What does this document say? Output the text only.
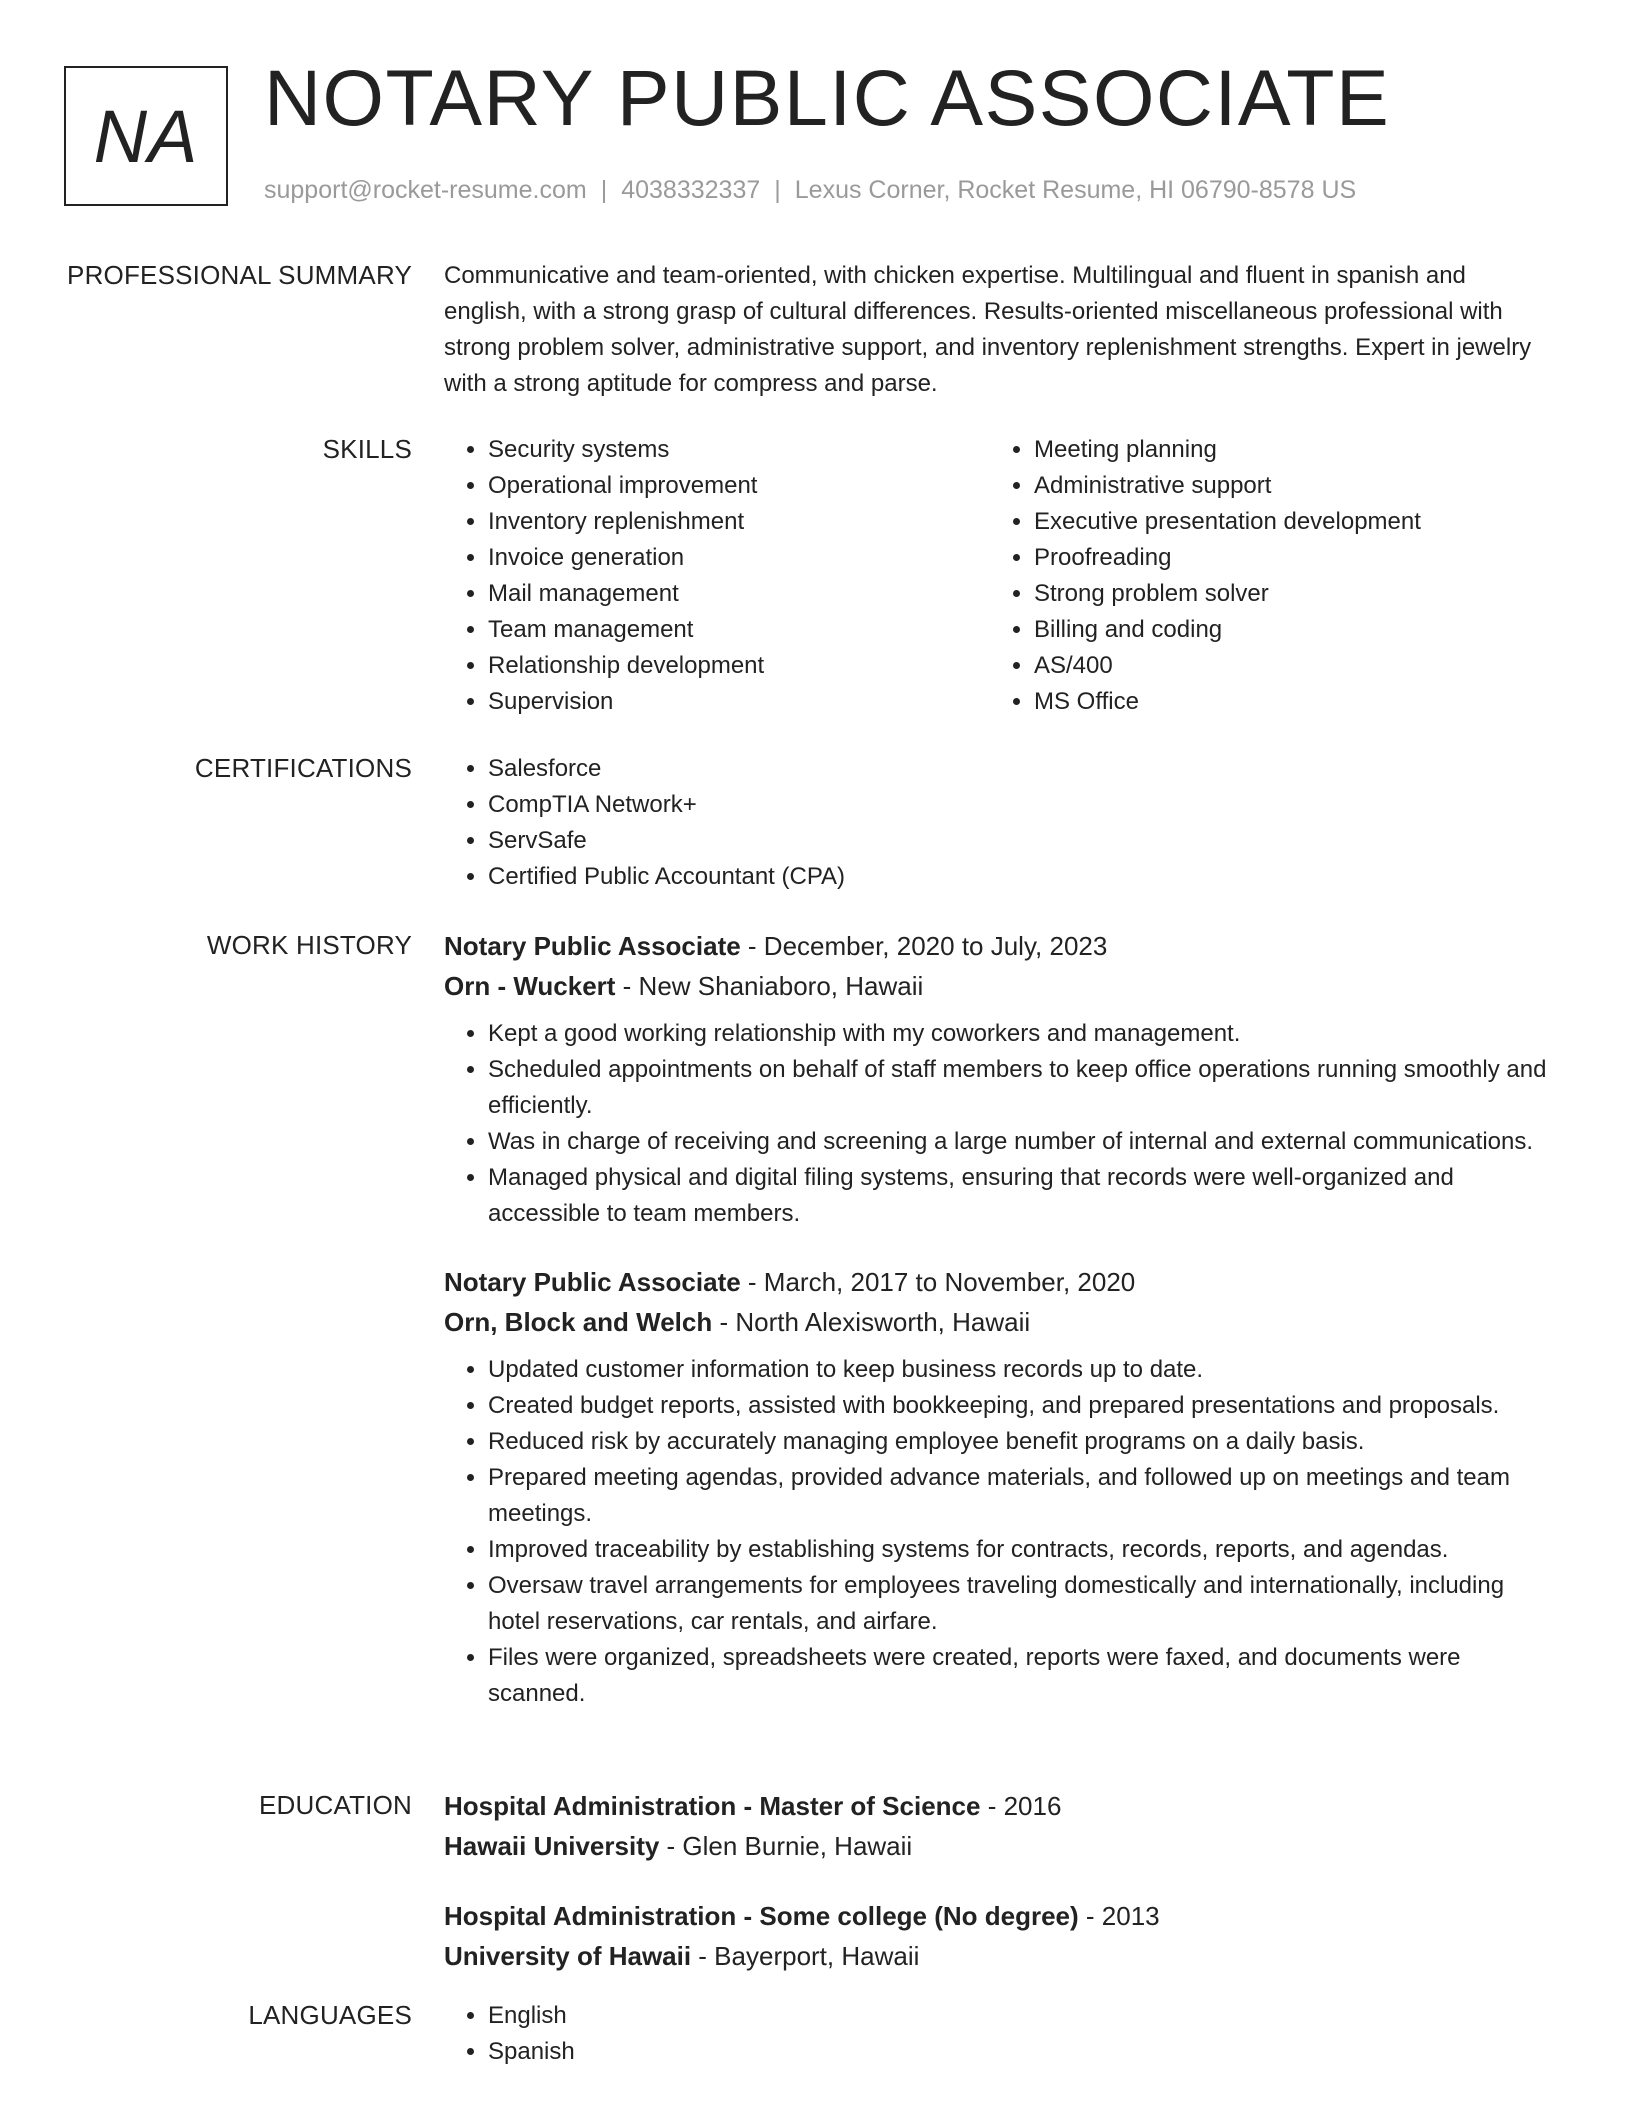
NA NOTARY PUBLIC ASSOCIATE
support@rocket-resume.com | 4038332337 | Lexus Corner, Rocket Resume, HI 06790-8578 US
PROFESSIONAL SUMMARY Communicative and team-oriented, with chicken expertise. Multilingual and fluent in spanish and english, with a strong grasp of cultural differences. Results-oriented miscellaneous professional with strong problem solver, administrative support, and inventory replenishment strengths. Expert in jewelry with a strong aptitude for compress and parse.
SKILLS	• Security systems
• Operational improvement
• Inventory replenishment
• Invoice generation
• Mail management
• Team management
• Relationship development
• Supervision
• Meeting planning
• Administrative support
• Executive presentation development
• Proofreading
• Strong problem solver
• Billing and coding
• AS/400
• MS Office
CERTIFICATIONS	• Salesforce
• CompTIA Network+
• ServSafe
• Certified Public Accountant (CPA)
WORK HISTORY Notary Public Associate - December, 2020 to July, 2023
Orn - Wuckert - New Shaniaboro, Hawaii
• Kept a good working relationship with my coworkers and management.
• Scheduled appointments on behalf of staff members to keep office operations running smoothly and efficiently.
• Was in charge of receiving and screening a large number of internal and external communications.
• Managed physical and digital filing systems, ensuring that records were well-organized and accessible to team members.
Notary Public Associate - March, 2017 to November, 2020
Orn, Block and Welch - North Alexisworth, Hawaii
• Updated customer information to keep business records up to date.
• Created budget reports, assisted with bookkeeping, and prepared presentations and proposals.
• Reduced risk by accurately managing employee benefit programs on a daily basis.
• Prepared meeting agendas, provided advance materials, and followed up on meetings and team meetings.
• Improved traceability by establishing systems for contracts, records, reports, and agendas.
• Oversaw travel arrangements for employees traveling domestically and internationally, including hotel reservations, car rentals, and airfare.
• Files were organized, spreadsheets were created, reports were faxed, and documents were scanned.
EDUCATION Hospital Administration - Master of Science - 2016
Hawaii University - Glen Burnie, Hawaii
Hospital Administration - Some college (No degree) - 2013
University of Hawaii - Bayerport, Hawaii
LANGUAGES	• English
• Spanish
